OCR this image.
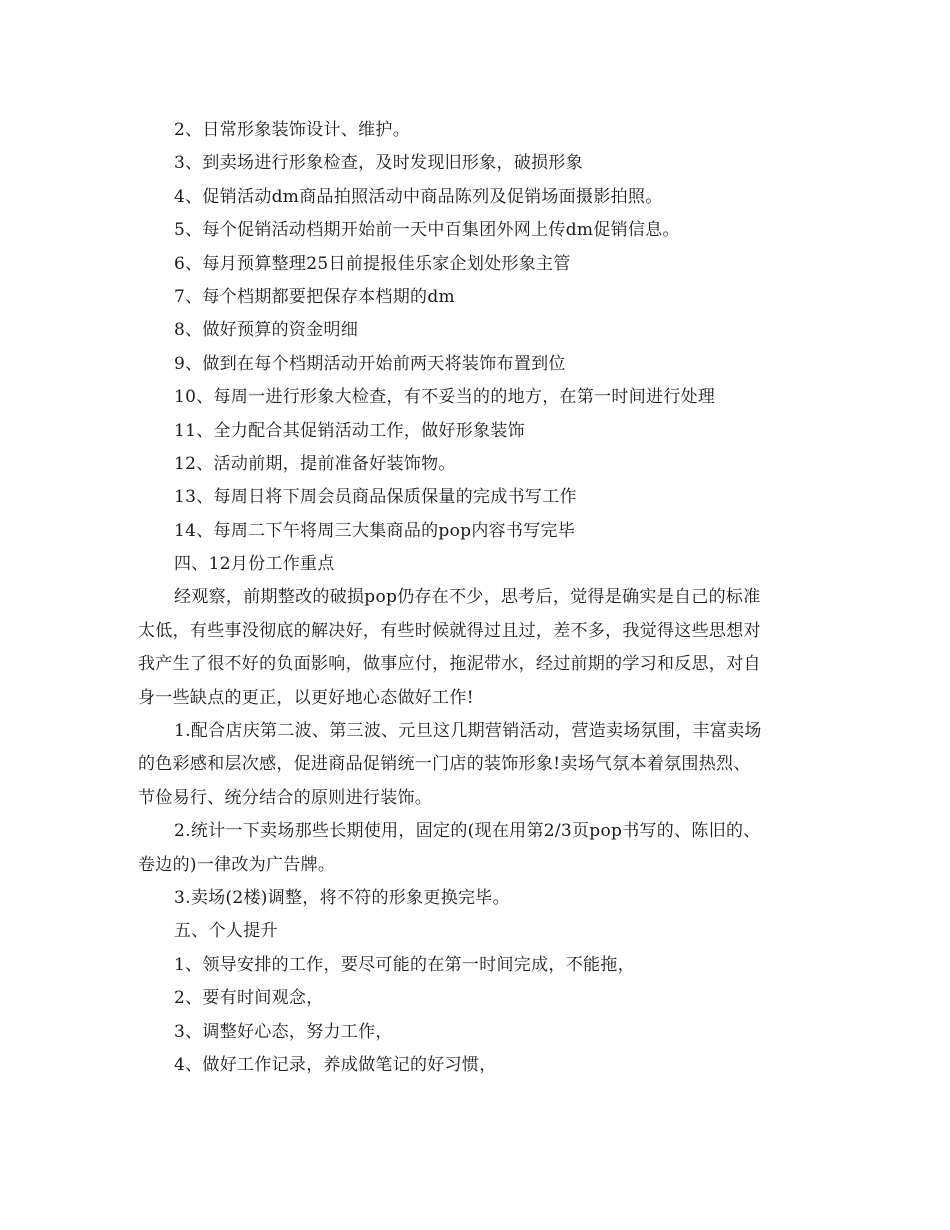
2、日常形象装饰设计、维护。
3、到卖场进行形象检查，及时发现旧形象，破损形象
4、促销活动dm商品拍照活动中商品陈列及促销场面摄影拍照。
5、每个促销活动档期开始前一天中百集团外网上传dm促销信息。
6、每月预算整理25日前提报佳乐家企划处形象主管
7、每个档期都要把保存本档期的dm
8、做好预算的资金明细
9、做到在每个档期活动开始前两天将装饰布置到位
10、每周一进行形象大检查，有不妥当的的地方，在第一时间进行处理
11、全力配合其促销活动工作，做好形象装饰
12、活动前期，提前准备好装饰物。
13、每周日将下周会员商品保质保量的完成书写工作
14、每周二下午将周三大集商品的pop内容书写完毕
四、12月份工作重点
经观察，前期整改的破损pop仍存在不少，思考后，觉得是确实是自己的标准
太低，有些事没彻底的解决好，有些时候就得过且过，差不多，我觉得这些思想对
我产生了很不好的负面影响，做事应付，拖泥带水，经过前期的学习和反思，对自
身一些缺点的更正，以更好地心态做好工作!
1.配合店庆第二波、第三波、元旦这几期营销活动，营造卖场氛围，丰富卖场
的色彩感和层次感，促进商品促销统一门店的装饰形象!卖场气氛本着氛围热烈、
节俭易行、统分结合的原则进行装饰。
2.统计一下卖场那些长期使用，固定的(现在用第2/3页pop书写的、陈旧的、
卷边的)一律改为广告牌。
3.卖场(2楼)调整，将不符的形象更换完毕。
五、个人提升
1、领导安排的工作，要尽可能的在第一时间完成，不能拖，
2、要有时间观念，
3、调整好心态，努力工作，
4、做好工作记录，养成做笔记的好习惯，
